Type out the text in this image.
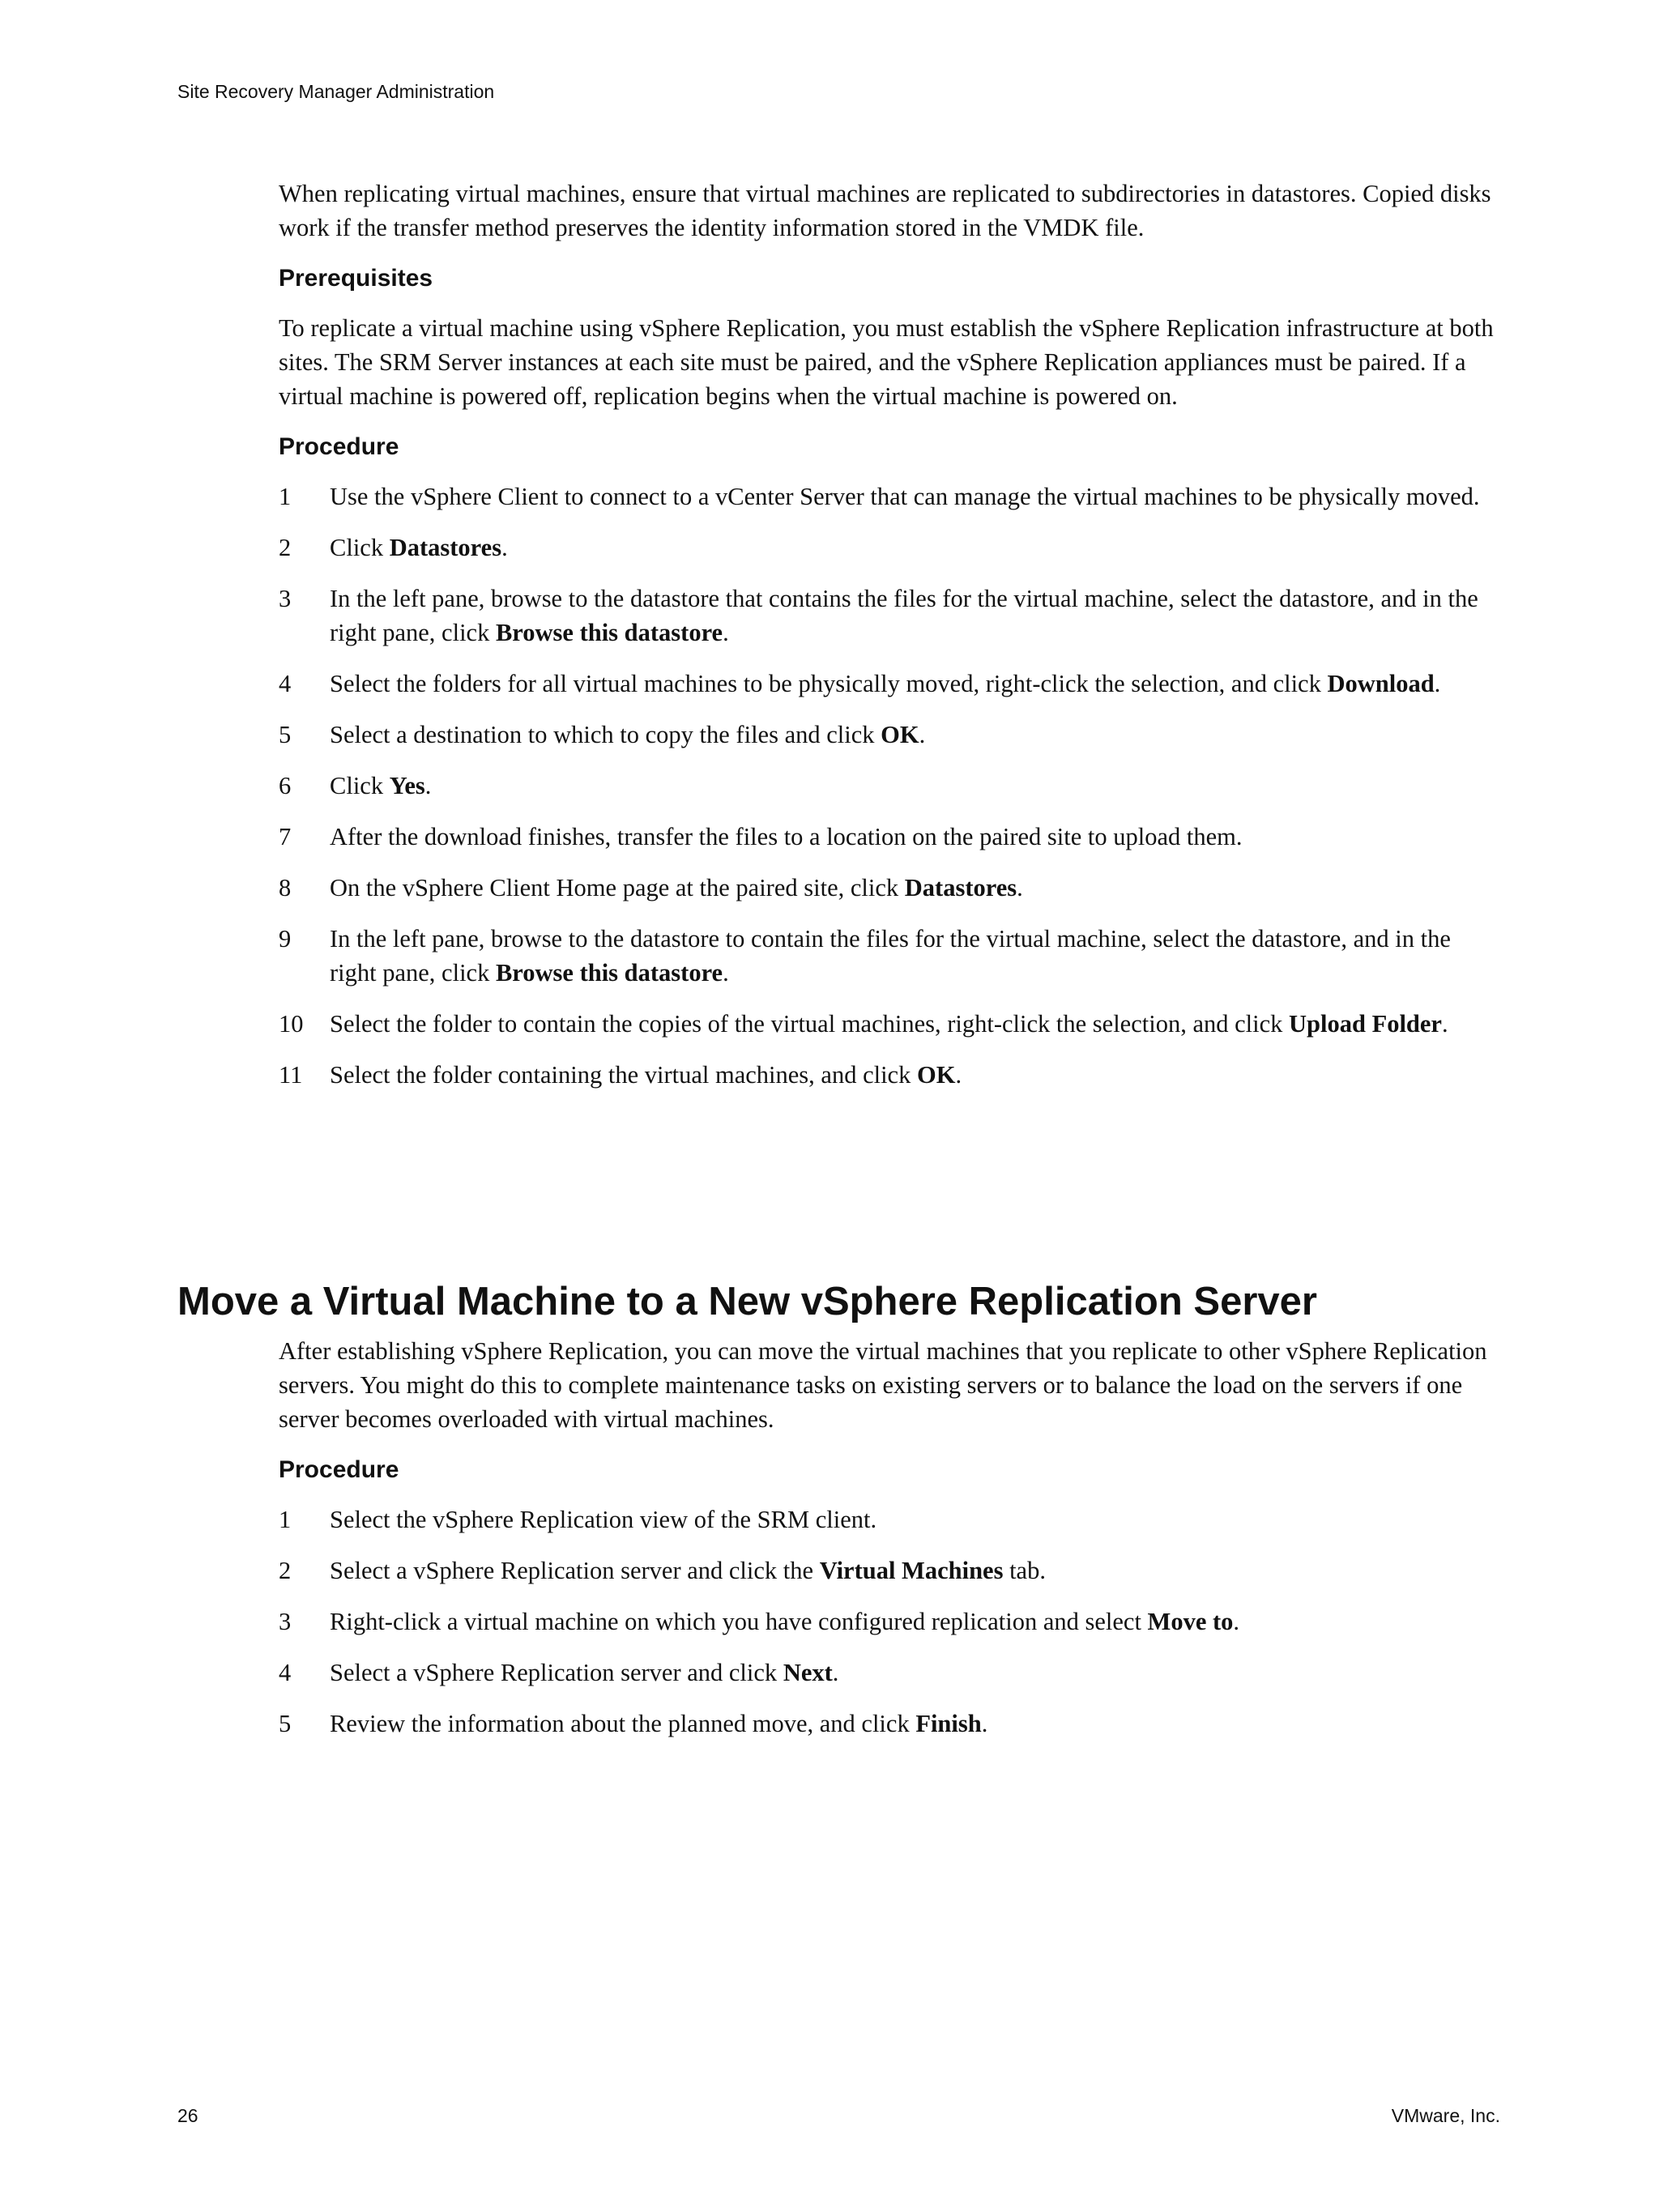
Site Recovery Manager Administration

When replicating virtual machines, ensure that virtual machines are replicated to subdirectories in datastores. Copied disks work if the transfer method preserves the identity information stored in the VMDK file.

Prerequisites

To replicate a virtual machine using vSphere Replication, you must establish the vSphere Replication infrastructure at both sites. The SRM Server instances at each site must be paired, and the vSphere Replication appliances must be paired. If a virtual machine is powered off, replication begins when the virtual machine is powered on.

Procedure
1	Use the vSphere Client to connect to a vCenter Server that can manage the virtual machines to be physically moved.
2	Click Datastores.
3	In the left pane, browse to the datastore that contains the files for the virtual machine, select the datastore, and in the right pane, click Browse this datastore.
4	Select the folders for all virtual machines to be physically moved, right-click the selection, and click Download.
5	Select a destination to which to copy the files and click OK.
6	Click Yes.
7	After the download finishes, transfer the files to a location on the paired site to upload them.
8	On the vSphere Client Home page at the paired site, click Datastores.
9	In the left pane, browse to the datastore to contain the files for the virtual machine, select the datastore, and in the right pane, click Browse this datastore.
10	Select the folder to contain the copies of the virtual machines, right-click the selection, and click Upload Folder.
11	Select the folder containing the virtual machines, and click OK.
Move a Virtual Machine to a New vSphere Replication Server

After establishing vSphere Replication, you can move the virtual machines that you replicate to other vSphere Replication servers. You might do this to complete maintenance tasks on existing servers or to balance the load on the servers if one server becomes overloaded with virtual machines.

Procedure
1	Select the vSphere Replication view of the SRM client.
2	Select a vSphere Replication server and click the Virtual Machines tab.
3	Right-click a virtual machine on which you have configured replication and select Move to.
4	Select a vSphere Replication server and click Next.
5	Review the information about the planned move, and click Finish.
26	VMware, Inc.
